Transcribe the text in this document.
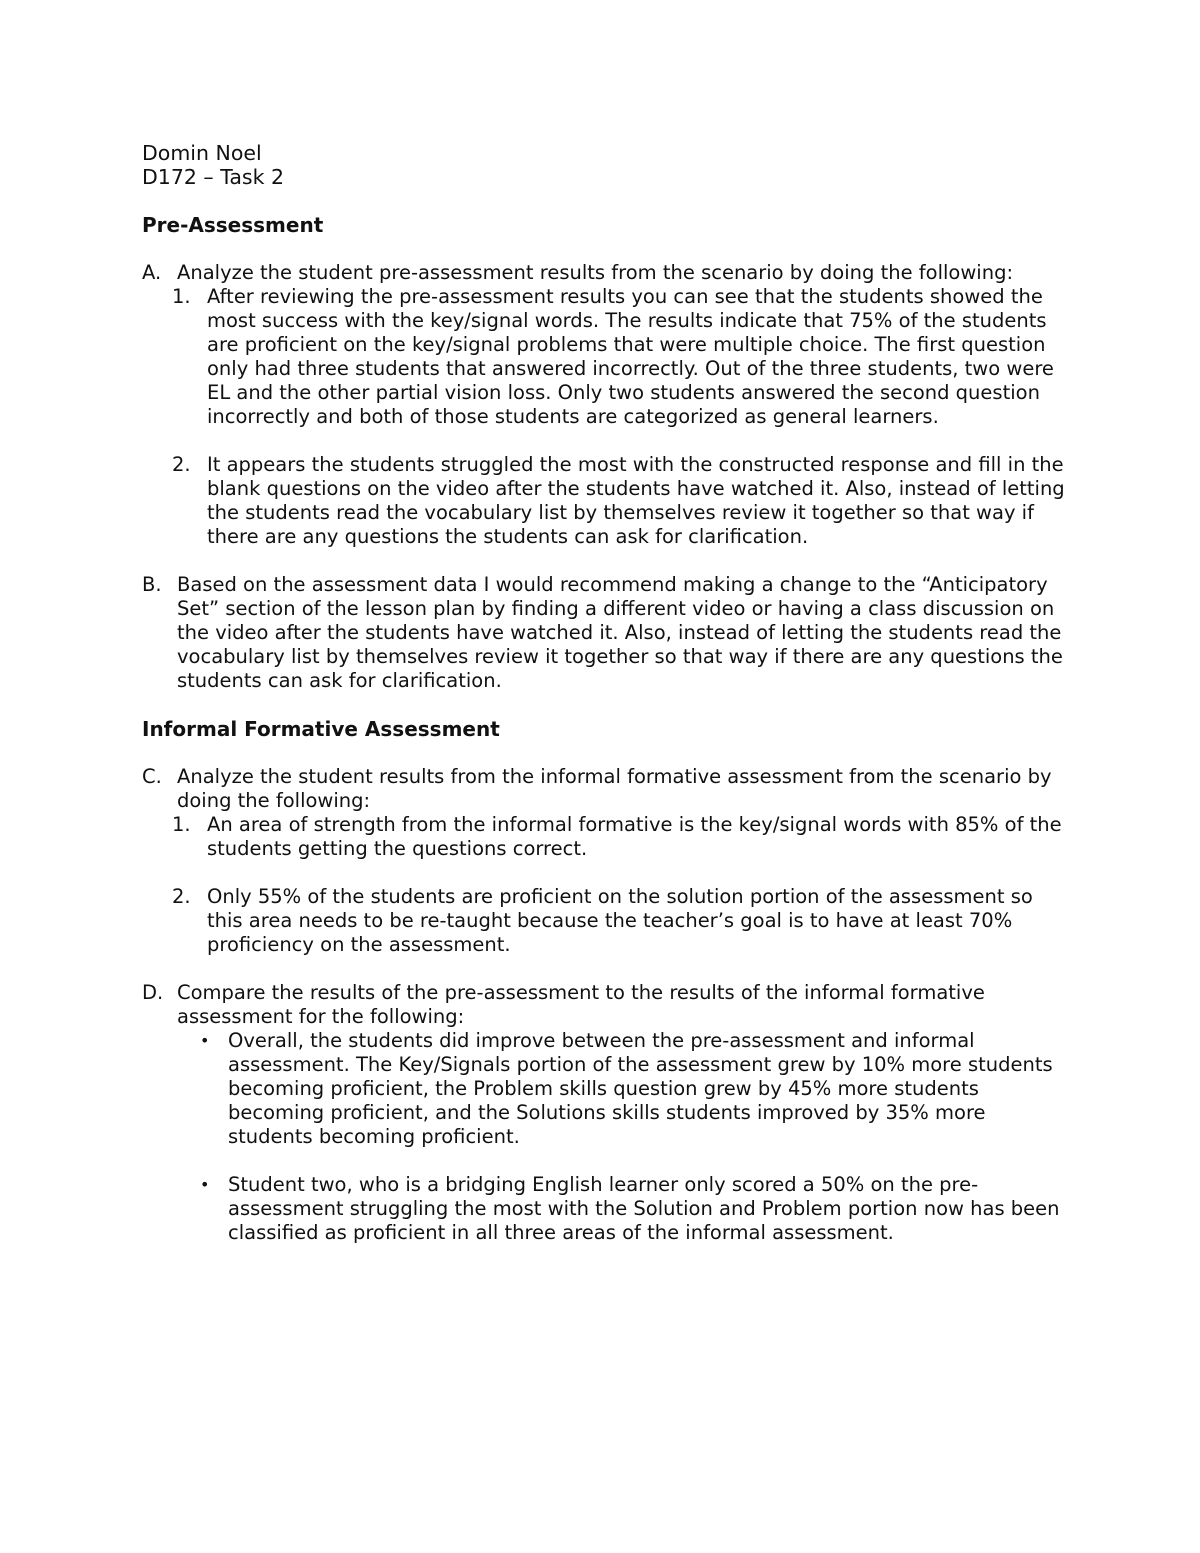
Domin Noel

D172 – Task 2

Pre-Assessment

A. Analyze the student pre-assessment results from the scenario by doing the following:

1. After reviewing the pre-assessment results you can see that the students showed the most success with the key/signal words. The results indicate that 75% of the students are proficient on the key/signal problems that were multiple choice. The first question only had three students that answered incorrectly. Out of the three students, two were EL and the other partial vision loss. Only two students answered the second question incorrectly and both of those students are categorized as general learners.

2. It appears the students struggled the most with the constructed response and fill in the blank questions on the video after the students have watched it. Also, instead of letting the students read the vocabulary list by themselves review it together so that way if there are any questions the students can ask for clarification.

B. Based on the assessment data I would recommend making a change to the “Anticipatory Set” section of the lesson plan by finding a different video or having a class discussion on the video after the students have watched it. Also, instead of letting the students read the vocabulary list by themselves review it together so that way if there are any questions the students can ask for clarification.

Informal Formative Assessment

C. Analyze the student results from the informal formative assessment from the scenario by doing the following:

1. An area of strength from the informal formative is the key/signal words with 85% of the students getting the questions correct.

2. Only 55% of the students are proficient on the solution portion of the assessment so this area needs to be re-taught because the teacher’s goal is to have at least 70% proficiency on the assessment.

D. Compare the results of the pre-assessment to the results of the informal formative assessment for the following:

• Overall, the students did improve between the pre-assessment and informal assessment. The Key/Signals portion of the assessment grew by 10% more students becoming proficient, the Problem skills question grew by 45% more students becoming proficient, and the Solutions skills students improved by 35% more students becoming proficient.

• Student two, who is a bridging English learner only scored a 50% on the pre-assessment struggling the most with the Solution and Problem portion now has been classified as proficient in all three areas of the informal assessment.
